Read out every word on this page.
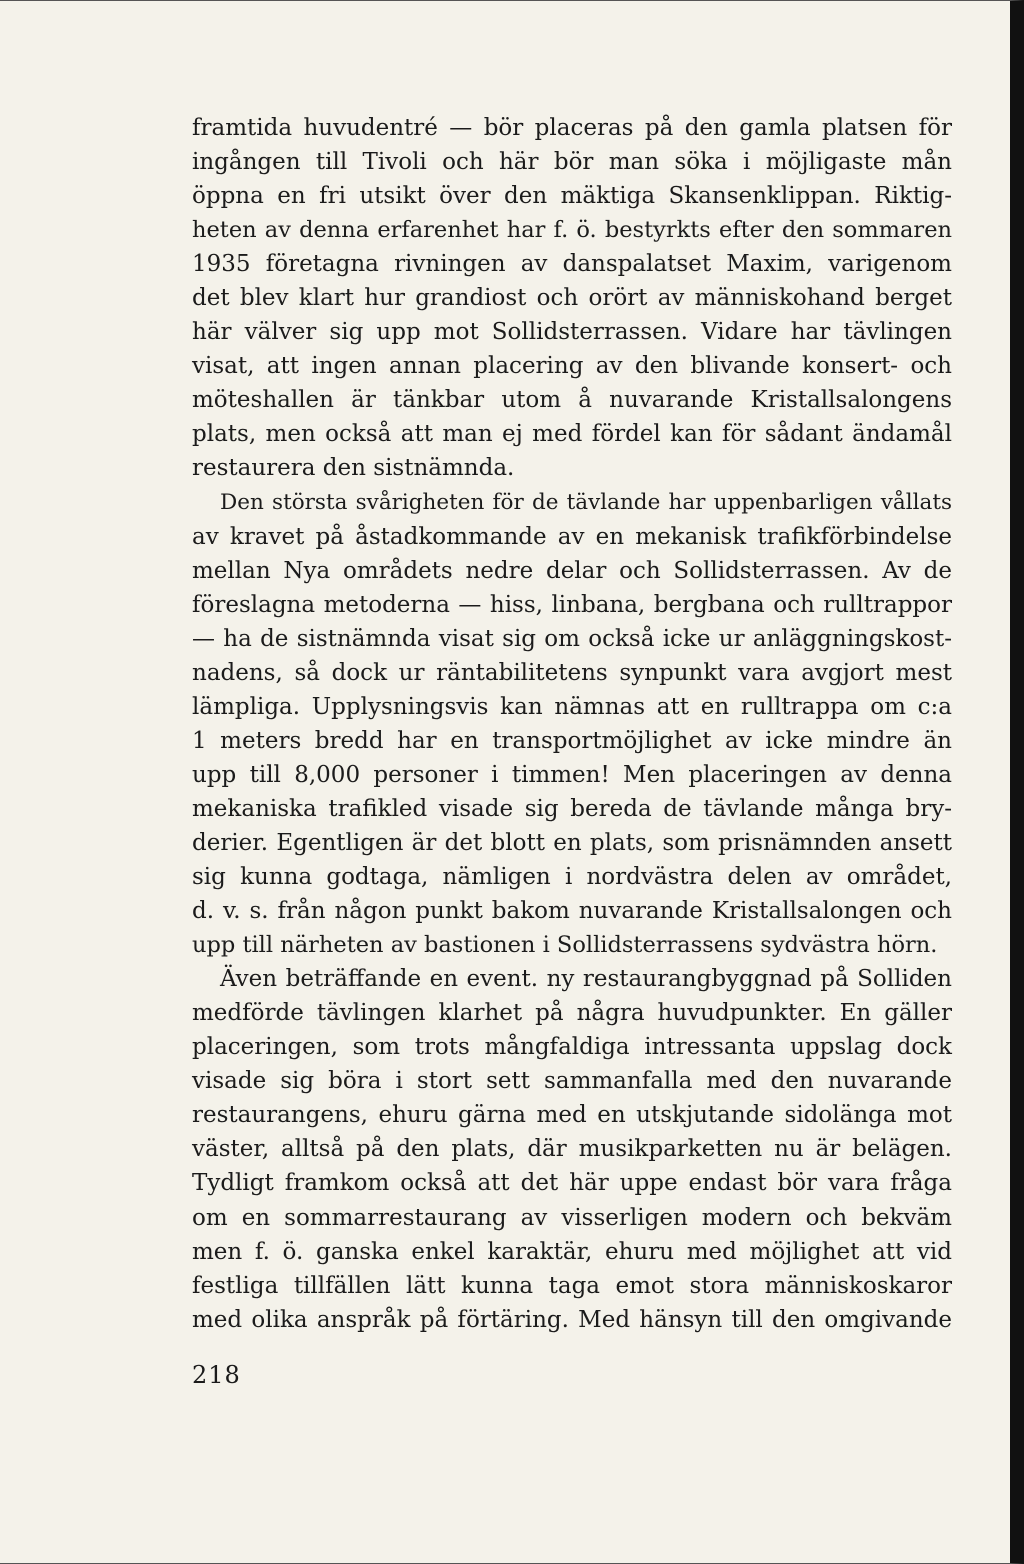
framtida huvudentré — bör placeras på den gamla platsen för
ingången till Tivoli och här bör man söka i möjligaste mån
öppna en fri utsikt över den mäktiga Skansenklippan. Riktig-
heten av denna erfarenhet har f. ö. bestyrkts efter den sommaren
1935 företagna rivningen av danspalatset Maxim, varigenom
det blev klart hur grandiost och orört av människohand berget
här välver sig upp mot Sollidsterrassen. Vidare har tävlingen
visat, att ingen annan placering av den blivande konsert- och
möteshallen är tänkbar utom å nuvarande Kristallsalongens
plats, men också att man ej med fördel kan för sådant ändamål
restaurera den sistnämnda.
Den största svårigheten för de tävlande har uppenbarligen vållats
av kravet på åstadkommande av en mekanisk trafikförbindelse
mellan Nya områdets nedre delar och Sollidsterrassen. Av de
föreslagna metoderna — hiss, linbana, bergbana och rulltrappor
— ha de sistnämnda visat sig om också icke ur anläggningskost-
nadens, så dock ur räntabilitetens synpunkt vara avgjort mest
lämpliga. Upplysningsvis kan nämnas att en rulltrappa om c:a
1 meters bredd har en transportmöjlighet av icke mindre än
upp till 8,000 personer i timmen! Men placeringen av denna
mekaniska trafikled visade sig bereda de tävlande många bry-
derier. Egentligen är det blott en plats, som prisnämnden ansett
sig kunna godtaga, nämligen i nordvästra delen av området,
d. v. s. från någon punkt bakom nuvarande Kristallsalongen och
upp till närheten av bastionen i Sollidsterrassens sydvästra hörn.
Även beträffande en event. ny restaurangbyggnad på Solliden
medförde tävlingen klarhet på några huvudpunkter. En gäller
placeringen, som trots mångfaldiga intressanta uppslag dock
visade sig böra i stort sett sammanfalla med den nuvarande
restaurangens, ehuru gärna med en utskjutande sidolänga mot
väster, alltså på den plats, där musikparketten nu är belägen.
Tydligt framkom också att det här uppe endast bör vara fråga
om en sommarrestaurang av visserligen modern och bekväm
men f. ö. ganska enkel karaktär, ehuru med möjlighet att vid
festliga tillfällen lätt kunna taga emot stora människoskaror
med olika anspråk på förtäring. Med hänsyn till den omgivande
218
